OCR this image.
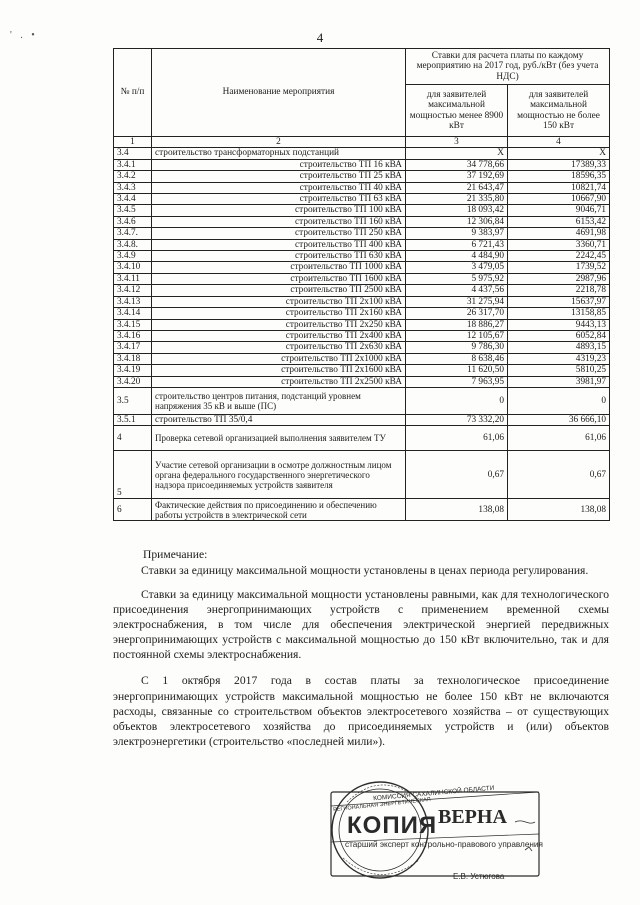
' . •	4
№ п/п	Наименование мероприятия	Ставки для расчета платы по каждому мероприятию на 2017 год, руб./кВт (без учета НДС)	
		для заявителей максимальной мощностью менее 8900 кВт	для заявителей максимальной мощностью не более 150 кВт
1	2	3	4
3.4	строительство трансформаторных подстанций	X	X
3.4.1	строительство ТП 16 кВА	34 778,66	17389,33
3.4.2	строительство ТП 25 кВА	37 192,69	18596,35
3.4.3	строительство ТП 40 кВА	21 643,47	10821,74
3.4.4	строительство ТП 63 кВА	21 335,80	10667,90
3.4.5	строительство ТП 100 кВА	18 093,42	9046,71
3.4.6	строительство ТП 160 кВА	12 306,84	6153,42
3.4.7.	строительство ТП 250 кВА	9 383,97	4691,98
3.4.8.	строительство ТП 400 кВА	6 721,43	3360,71
3.4.9	строительство ТП 630 кВА	4 484,90	2242,45
3.4.10	строительство ТП 1000 кВА	3 479,05	1739,52
3.4.11	строительство ТП 1600 кВА	5 975,92	2987,96
3.4.12	строительство ТП 2500 кВА	4 437,56	2218,78
3.4.13	строительство ТП 2х100 кВА	31 275,94	15637,97
3.4.14	строительство ТП 2х160 кВА	26 317,70	13158,85
3.4.15	строительство ТП 2х250 кВА	18 886,27	9443,13
3.4.16	строительство ТП 2х400 кВА	12 105,67	6052,84
3.4.17	строительство ТП 2х630 кВА	9 786,30	4893,15
3.4.18	строительство ТП 2х1000 кВА	8 638,46	4319,23
3.4.19	строительство ТП 2х1600 кВА	11 620,50	5810,25
3.4.20	строительство ТП 2х2500 кВА	7 963,95	3981,97
3.5	строительство центров питания, подстанций уровнем напряжения 35 кВ и выше (ПС)	0	0
3.5.1	строительство ТП 35/0,4	73 332,20	36 666,10
4	Проверка сетевой организацией выполнения заявителем ТУ	61,06	61,06
5	Участие сетевой организации в осмотре должностным лицом органа федерального государственного энергетического надзора присоединяемых устройств заявителя	0,67	0,67
6	Фактические действия по присоединению и обеспечению работы устройств в электрической сети	138,08	138,08

Примечание:

Ставки за единицу максимальной мощности установлены в ценах периода регулирования.

Ставки за единицу максимальной мощности установлены равными, как для технологического присоединения энергопринимающих устройств с применением временной схемы электроснабжения, в том числе для обеспечения электрической энергией передвижных энергопринимающих устройств с максимальной мощностью до 150 кВт включительно, так и для постоянной схемы электроснабжения.

С 1 октября 2017 года в состав платы за технологическое присоединение энергопринимающих устройств максимальной мощностью не более 150 кВт не включаются расходы, связанные со строительством объектов электросетевого хозяйства – от существующих объектов электросетевого хозяйства до присоединяемых устройств и (или) объектов электроэнергетики (строительство «последней мили»).

КОМИССИЯ САХАЛИНСКОЙ ОБЛАСТИ
РЕГИОНАЛЬНАЯ ЭНЕРГЕТИЧЕСКАЯ
КОПИЯ ВЕРНА
старший эксперт контрольно-правового управления
Е.В. Устюгова
